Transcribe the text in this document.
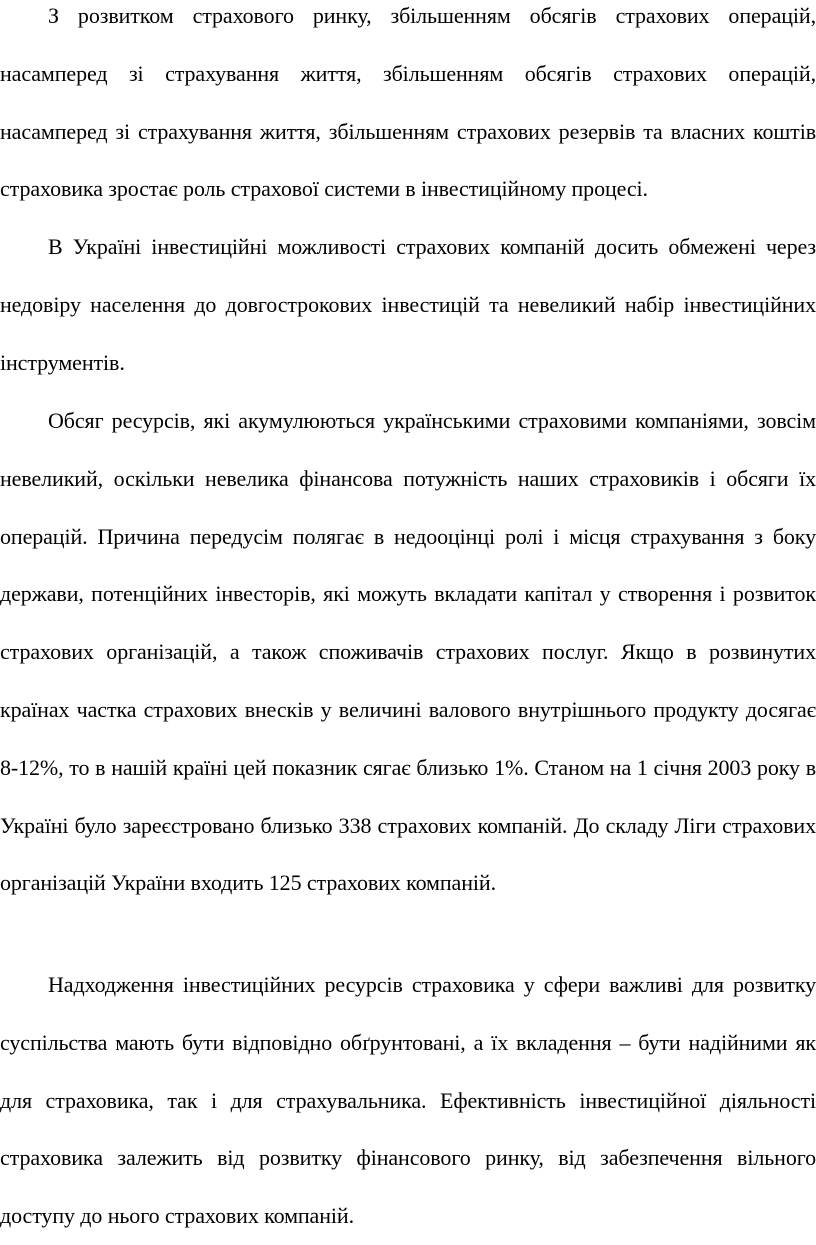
З розвитком страхового ринку, збільшенням обсягів страхових операцій, насамперед зі страхування життя, збільшенням обсягів страхових операцій, насамперед зі страхування життя, збільшенням страхових резервів та власних коштів страховика зростає роль страхової системи в інвестиційному процесі.

В Україні інвестиційні можливості страхових компаній досить обмежені через недовіру населення до довгострокових інвестицій та невеликий набір інвестиційних інструментів.

Обсяг ресурсів, які акумулюються українськими страховими компаніями, зовсім невеликий, оскільки невелика фінансова потужність наших страховиків і обсяги їх операцій. Причина передусім полягає в недооцінці ролі і місця страхування з боку держави, потенційних інвесторів, які можуть вкладати капітал у створення і розвиток страхових організацій, а також споживачів страхових послуг. Якщо в розвинутих країнах частка страхових внесків у величині валового внутрішнього продукту досягає 8-12%, то в нашій країні цей показник сягає близько 1%. Станом на 1 січня 2003 року в Україні було зареєстровано близько 338 страхових компаній. До складу Ліги страхових організацій України входить 125 страхових компаній.

Надходження інвестиційних ресурсів страховика у сфери важливі для розвитку суспільства мають бути відповідно обґрунтовані, а їх вкладення – бути надійними як для страховика, так і для страхувальника. Ефективність інвестиційної діяльності страховика залежить від розвитку фінансового ринку, від забезпечення вільного доступу до нього страхових компаній.
